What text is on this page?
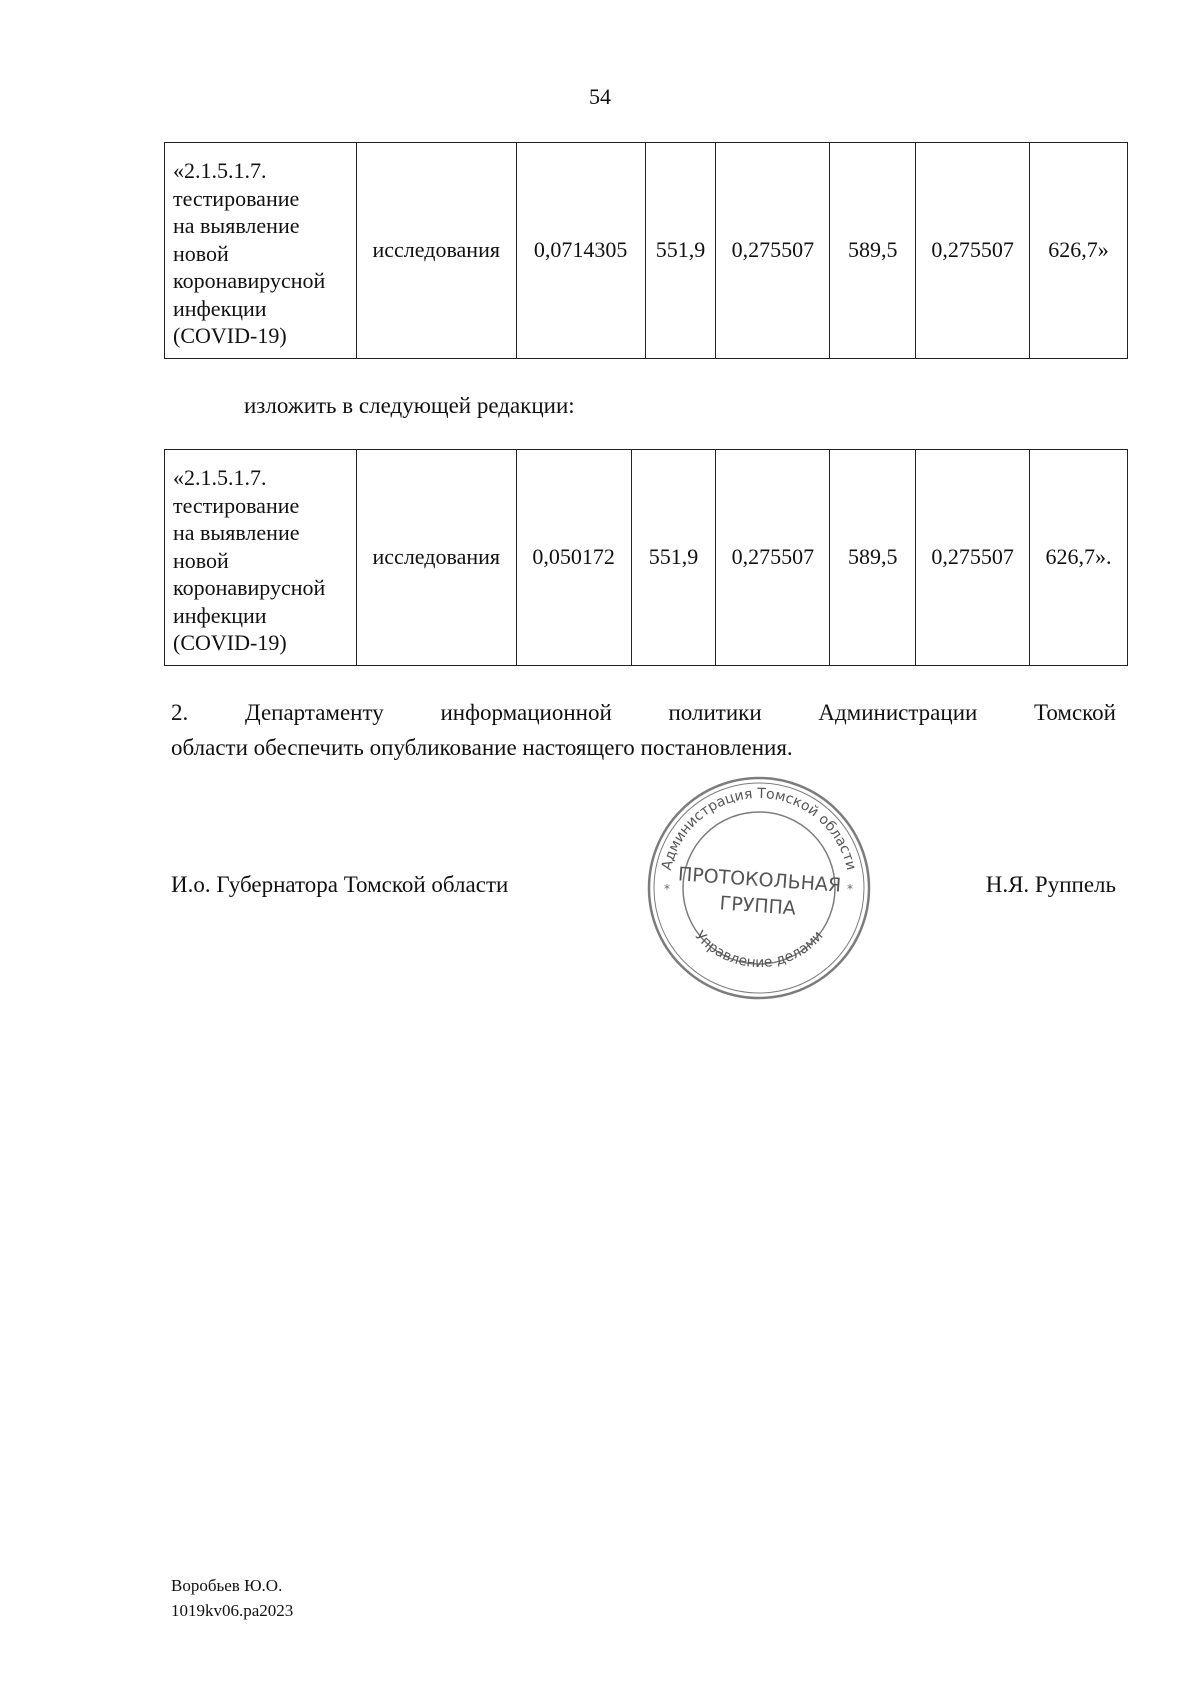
54
«2.1.5.1.7.
тестирование
на выявление
новой
коронавирусной
инфекции
(COVID-19)
	исследования	0,0714305	551,9	0,275507	589,5	0,275507	626,7»
изложить в следующей редакции:
«2.1.5.1.7.
тестирование
на выявление
новой
коронавирусной
инфекции
(COVID-19)
	исследования	0,050172	551,9	0,275507	589,5	0,275507	626,7».
2. Департаменту информационной политики Администрации Томской
области обеспечить опубликование настоящего постановления.
И.о. Губернатора Томской области	Н.Я. Руппель
Администрация Томской области
Управление делами
*	*
ПРОТОКОЛЬНАЯ
ГРУППА
Воробьев Ю.О.
1019kv06.pa2023
